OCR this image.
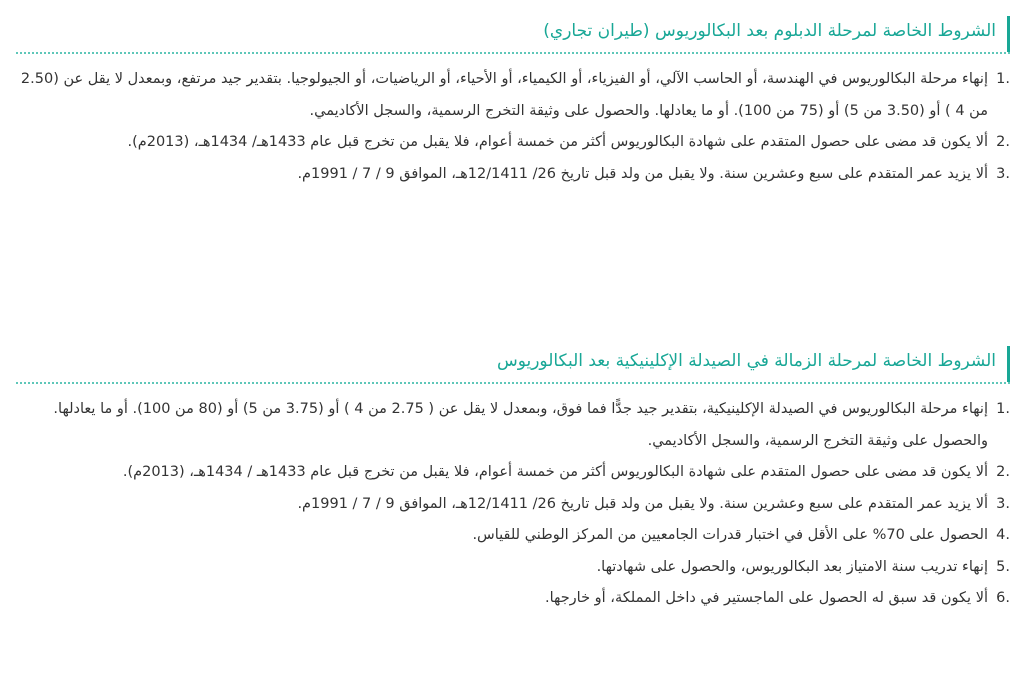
الشروط الخاصة لمرحلة الدبلوم بعد البكالوريوس (طيران تجاري)
1.
إنهاء مرحلة البكالوريوس في الهندسة، أو الحاسب الآلي، أو الفيزياء، أو الكيمياء، أو الأحياء، أو الرياضيات، أو الجيولوجيا. بتقدير جيد مرتفع، وبمعدل لا يقل عن (2.50 من 4 ) أو (3.50 من 5) أو (75 من 100). أو ما يعادلها. والحصول على وثيقة التخرج الرسمية، والسجل الأكاديمي.
2.
ألا يكون قد مضى على حصول المتقدم على شهادة البكالوريوس أكثر من خمسة أعوام، فلا يقبل من تخرج قبل عام 1433هـ/ 1434هـ، (2013م).
3.
ألا يزيد عمر المتقدم على سبع وعشرين سنة. ولا يقبل من ولد قبل تاريخ 26/ 12/1411هـ، الموافق 9 / 7 / 1991م.
الشروط الخاصة لمرحلة الزمالة في الصيدلة الإكلينيكية بعد البكالوريوس
1.
إنهاء مرحلة البكالوريوس في الصيدلة الإكلينيكية، بتقدير جيد جدًّا فما فوق، وبمعدل لا يقل عن ( 2.75 من 4 ) أو (3.75 من 5) أو (80 من 100). أو ما يعادلها. والحصول على وثيقة التخرج الرسمية، والسجل الأكاديمي.
2.
ألا يكون قد مضى على حصول المتقدم على شهادة البكالوريوس أكثر من خمسة أعوام، فلا يقبل من تخرج قبل عام 1433هـ / 1434هـ، (2013م).
3.
ألا يزيد عمر المتقدم على سبع وعشرين سنة. ولا يقبل من ولد قبل تاريخ 26/ 12/1411هـ، الموافق 9 / 7 / 1991م.
4.
الحصول على 70% على الأقل في اختبار قدرات الجامعيين من المركز الوطني للقياس.
5.
إنهاء تدريب سنة الامتياز بعد البكالوريوس، والحصول على شهادتها.
6.
ألا يكون قد سبق له الحصول على الماجستير في داخل المملكة، أو خارجها.
